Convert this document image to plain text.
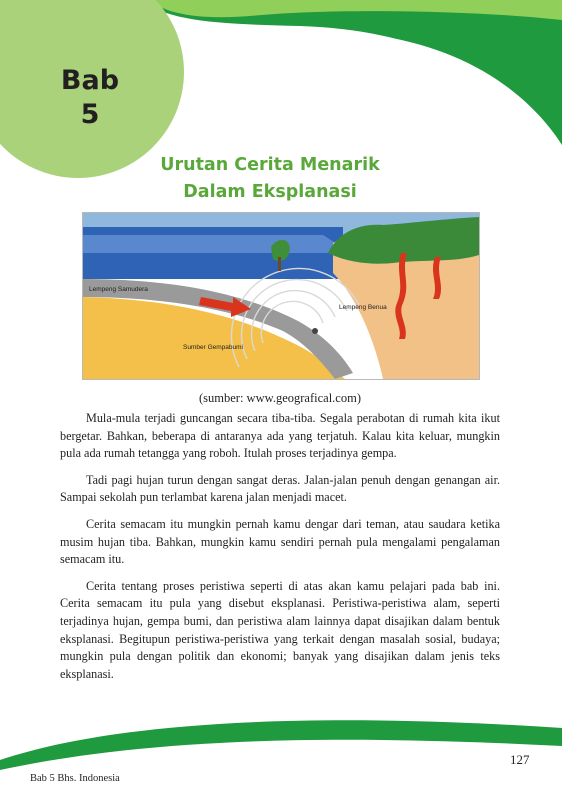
Bab
5
Urutan Cerita Menarik
Dalam Eksplanasi
Lempeng Samudera
Lempeng Benua
Sumber Gempabumi
(sumber: www.geografical.com)

Mula-mula terjadi guncangan secara tiba-tiba. Segala perabotan di rumah kita ikut bergetar. Bahkan, beberapa di antaranya ada yang terjatuh. Kalau kita keluar, mungkin pula ada rumah tetangga yang roboh. Itulah proses terjadinya gempa.

Tadi pagi hujan turun dengan sangat deras. Jalan-jalan penuh dengan genangan air. Sampai sekolah pun terlambat karena jalan menjadi macet.

Cerita semacam itu mungkin pernah kamu dengar dari teman, atau saudara ketika musim hujan tiba. Bahkan, mungkin kamu sendiri pernah pula mengalami pengalaman semacam itu.

Cerita tentang proses peristiwa seperti di atas akan kamu pelajari pada bab ini. Cerita semacam itu pula yang disebut eksplanasi. Peristiwa-peristiwa alam, seperti terjadinya hujan, gempa bumi, dan peristiwa alam lainnya dapat disajikan dalam bentuk eksplanasi. Begitupun peristiwa-peristiwa yang terkait dengan masalah sosial, budaya; mungkin pula dengan politik dan ekonomi; banyak yang disajikan dalam jenis teks eksplanasi.

127
Bab 5 Bhs. Indonesia
